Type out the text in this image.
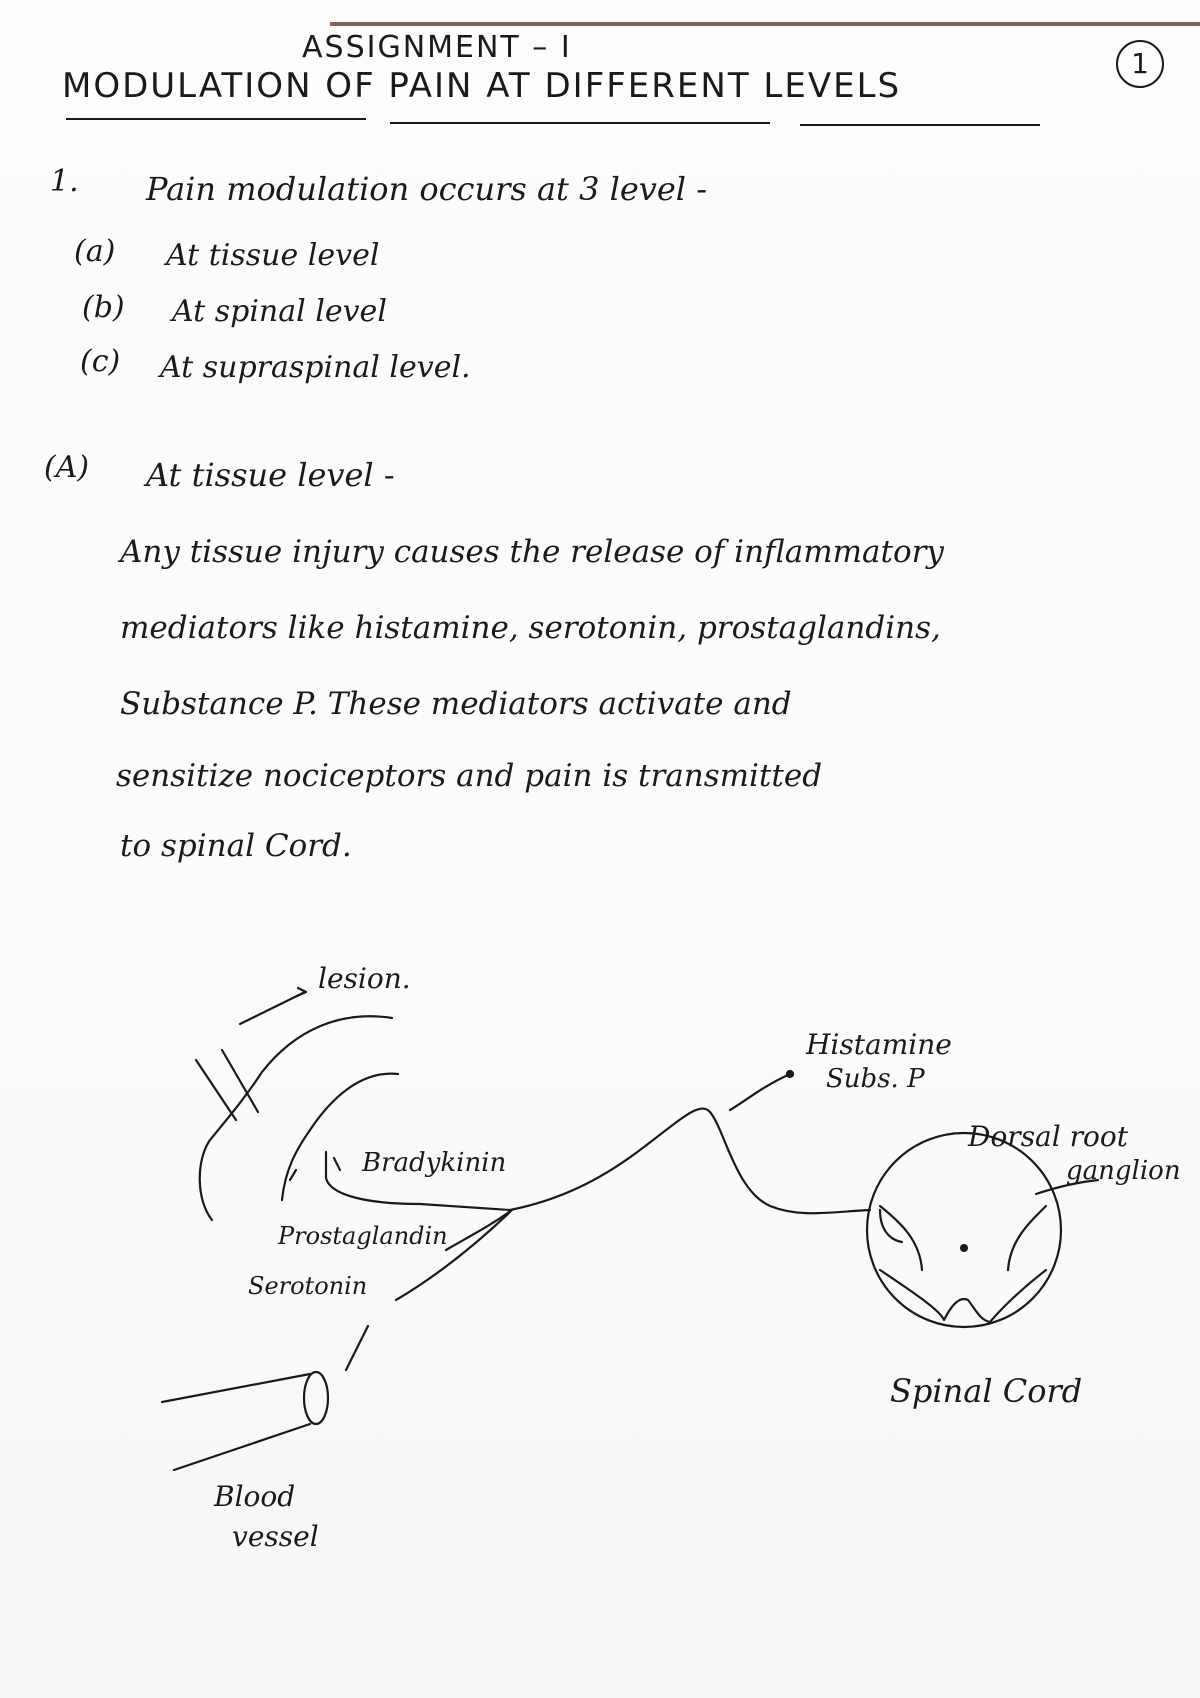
ASSIGNMENT – I	1
MODULATION OF PAIN AT DIFFERENT LEVELS
1. Pain modulation occurs at 3 level -
(a) At tissue level
(b) At spinal level
(c) At supraspinal level.
(A) At tissue level -
Any tissue injury causes the release of inflammatory
mediators like histamine, serotonin, prostaglandins,
Substance P. These mediators activate and
sensitize nociceptors and pain is transmitted
to spinal Cord.
lesion.
Bradykinin
Prostaglandin
Serotonin
Blood
vessel
Histamine
Subs. P
Dorsal root
ganglion
Spinal Cord
